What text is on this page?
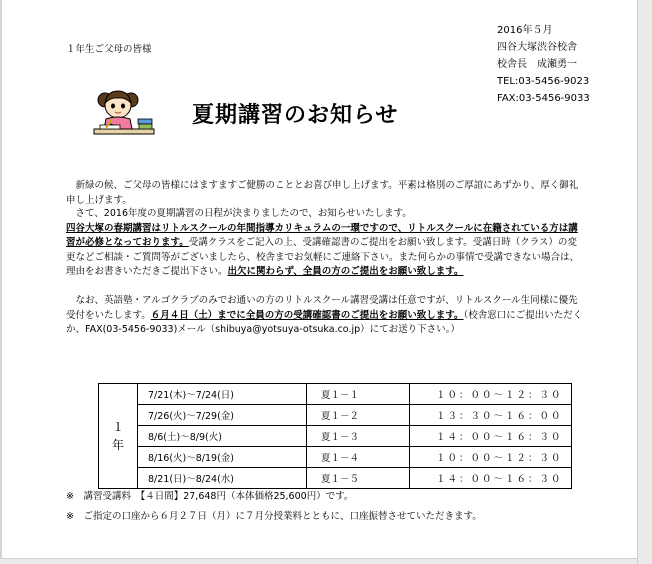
１年生ご父母の皆様
2016年５月
四谷大塚渋谷校舎
校舎長　成瀬勇一
TEL:03-5456-9023
FAX:03-5456-9033
夏期講習のお知らせ

　新緑の候、ご父母の皆様にはますますご健勝のこととお喜び申し上げます。平素は格別のご厚誼にあずかり、厚く御礼申し上げます。

　さて、2016年度の夏期講習の日程が決まりましたので、お知らせいたします。

四谷大塚の春期講習はリトルスクールの年間指導カリキュラムの一環ですので、リトルスクールに在籍されている方は講習が必修となっております。受講クラスをご記入の上、受講確認書のご提出をお願い致します。受講日時（クラス）の変更などご相談・ご質問等がございましたら、校舎までお気軽にご連絡下さい。また何らかの事情で受講できない場合は、理由をお書きいただきご提出下さい。出欠に関わらず、全員の方のご提出をお願い致します。

　なお、英語塾・アルゴクラブのみでお通いの方のリトルスクール講習受講は任意ですが、リトルスクール生同様に優先受付をいたします。６月４日（土）までに全員の方の受講確認書のご提出をお願い致します。（校舎窓口にご提出いただくか、FAX(03-5456-9033)メール（shibuya@yotsuya-otsuka.co.jp）にてお送り下さい。）

１
年	7/21(木)～7/24(日)	夏１－１	１０：００～１２：３０
	7/26(火)～7/29(金)	夏１－２	１３：３０～１６：００
	8/6(土)～8/9(火)	夏１－３	１４：００～１６：３０
	8/16(火)～8/19(金)	夏１－４	１０：００～１２：３０
	8/21(日)～8/24(水)	夏１－５	１４：００～１６：３０
※　講習受講料　【４日間】27,648円（本体価格25,600円）です。
※　ご指定の口座から６月２７日（月）に７月分授業料とともに、口座振替させていただきます。
